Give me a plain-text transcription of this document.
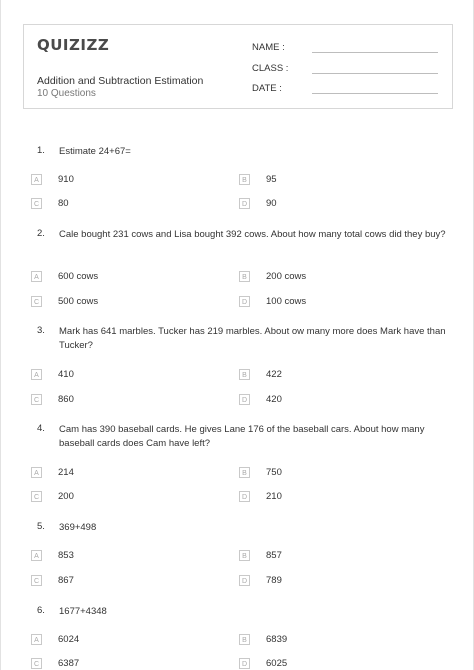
QUIZIZZ
Addition and Subtraction Estimation
10 Questions
NAME :
CLASS :
DATE :
1. Estimate 24+67=
A	910	B	95
C	80	D	90
2. Cale bought 231 cows and Lisa bought 392 cows. About how many total cows did they buy?
A	600 cows	B	200 cows
C	500 cows	D	100 cows
3. Mark has 641 marbles. Tucker has 219 marbles. About ow many more does Mark have than Tucker?
A	410	B	422
C	860	D	420
4. Cam has 390 baseball cards. He gives Lane 176 of the baseball cars. About how many baseball cards does Cam have left?
A	214	B	750
C	200	D	210
5. 369+498
A	853	B	857
C	867	D	789
6. 1677+4348
A	6024	B	6839
C	6387	D	6025
